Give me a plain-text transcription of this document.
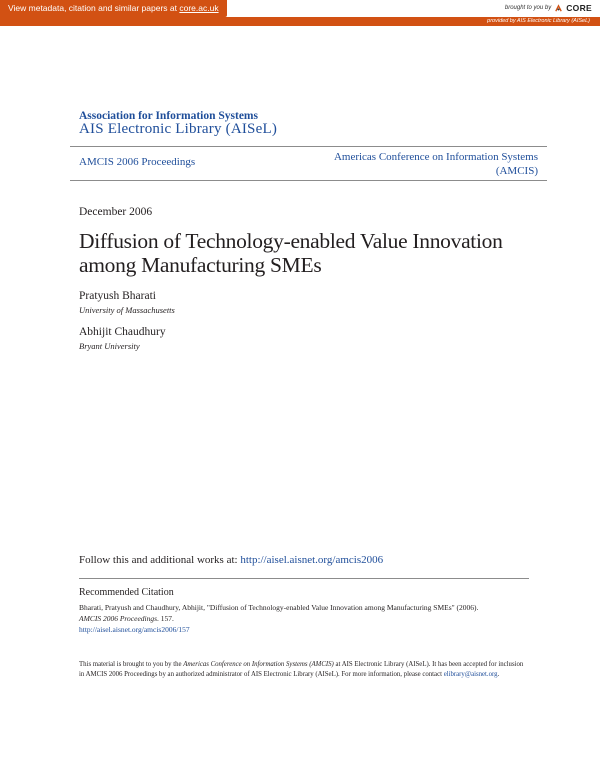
View metadata, citation and similar papers at core.ac.uk	brought to you by CORE
provided by AIS Electronic Library (AISeL)
Association for Information Systems
AIS Electronic Library (AISeL)
AMCIS 2006 Proceedings	Americas Conference on Information Systems (AMCIS)
December 2006
Diffusion of Technology-enabled Value Innovation among Manufacturing SMEs
Pratyush Bharati
University of Massachusetts
Abhijit Chaudhury
Bryant University
Follow this and additional works at: http://aisel.aisnet.org/amcis2006
Recommended Citation
Bharati, Pratyush and Chaudhury, Abhijit, "Diffusion of Technology-enabled Value Innovation among Manufacturing SMEs" (2006).
AMCIS 2006 Proceedings. 157.
http://aisel.aisnet.org/amcis2006/157
This material is brought to you by the Americas Conference on Information Systems (AMCIS) at AIS Electronic Library (AISeL). It has been accepted for inclusion in AMCIS 2006 Proceedings by an authorized administrator of AIS Electronic Library (AISeL). For more information, please contact elibrary@aisnet.org.
